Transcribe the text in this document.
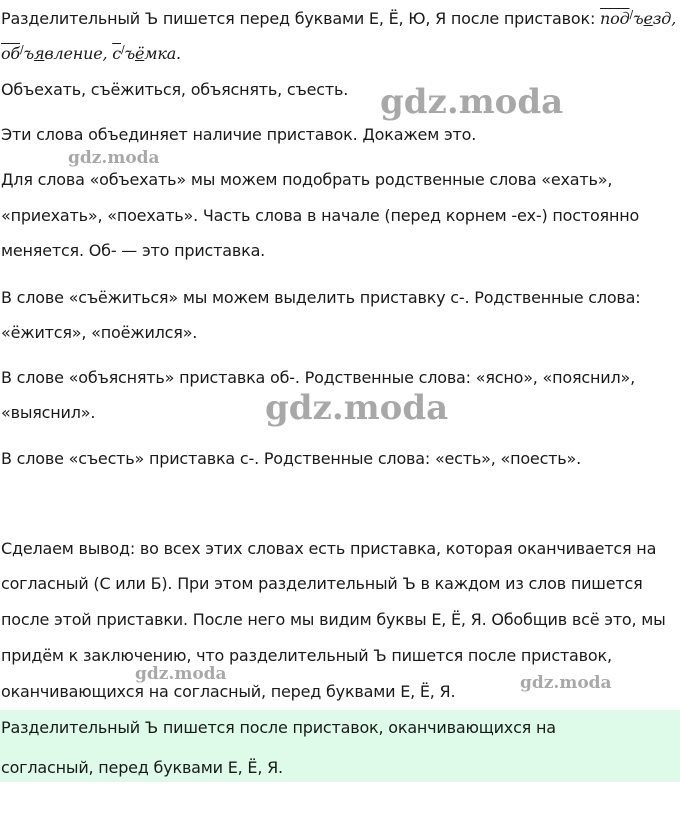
Разделительный Ъ пишется перед буквами Е, Ё, Ю, Я после приставок: под/ъезд,
об/ъявление, с/ъёмка.
Объехать, съёжиться, объяснять, съесть.
Эти слова объединяет наличие приставок. Докажем это.
Для слова «объехать» мы можем подобрать родственные слова «ехать»,
«приехать», «поехать». Часть слова в начале (перед корнем -ех-) постоянно
меняется. Об- — это приставка.
В слове «съёжиться» мы можем выделить приставку с-. Родственные слова:
«ёжится», «поёжился».
В слове «объяснять» приставка об-. Родственные слова: «ясно», «пояснил»,
«выяснил».
В слове «съесть» приставка с-. Родственные слова: «есть», «поесть».
Сделаем вывод: во всех этих словах есть приставка, которая оканчивается на
согласный (С или Б). При этом разделительный Ъ в каждом из слов пишется
после этой приставки. После него мы видим буквы Е, Ё, Я. Обобщив всё это, мы
придём к заключению, что разделительный Ъ пишется после приставок,
оканчивающихся на согласный, перед буквами Е, Ё, Я.
Разделительный Ъ пишется после приставок, оканчивающихся на
согласный, перед буквами Е, Ё, Я.
gdz.moda
gdz.moda
gdz.moda
gdz.moda	gdz.moda
